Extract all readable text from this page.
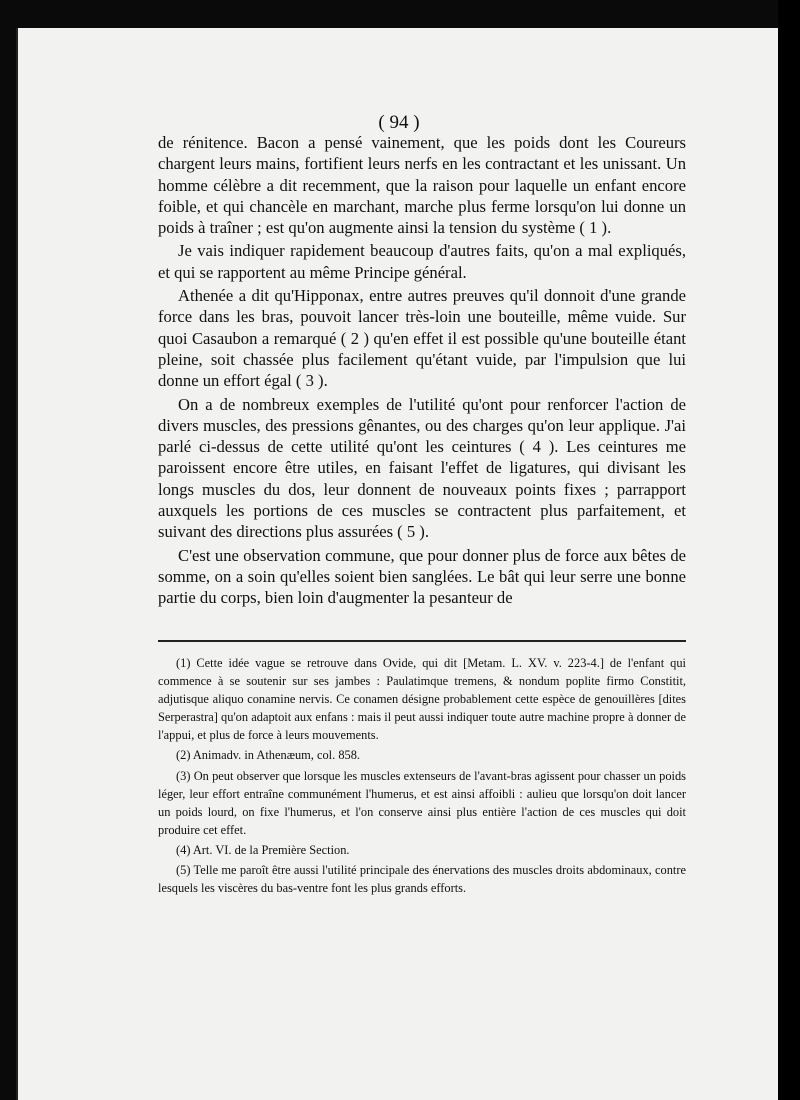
( 94 )

de rénitence. Bacon a pensé vainement, que les poids dont les Coureurs chargent leurs mains, fortifient leurs nerfs en les contractant et les unissant. Un homme célèbre a dit recemment, que la raison pour laquelle un enfant encore foible, et qui chancèle en marchant, marche plus ferme lorsqu'on lui donne un poids à traîner ; est qu'on augmente ainsi la tension du système ( 1 ).

Je vais indiquer rapidement beaucoup d'autres faits, qu'on a mal expliqués, et qui se rapportent au même Principe général.

Athenée a dit qu'Hipponax, entre autres preuves qu'il donnoit d'une grande force dans les bras, pouvoit lancer très-loin une bouteille, même vuide. Sur quoi Casaubon a remarqué ( 2 ) qu'en effet il est possible qu'une bouteille étant pleine, soit chassée plus facilement qu'étant vuide, par l'impulsion que lui donne un effort égal ( 3 ).

On a de nombreux exemples de l'utilité qu'ont pour renforcer l'action de divers muscles, des pressions gênantes, ou des charges qu'on leur applique. J'ai parlé ci-dessus de cette utilité qu'ont les ceintures ( 4 ). Les ceintures me paroissent encore être utiles, en faisant l'effet de ligatures, qui divisant les longs muscles du dos, leur donnent de nouveaux points fixes ; parrapport auxquels les portions de ces muscles se contractent plus parfaitement, et suivant des directions plus assurées ( 5 ).

C'est une observation commune, que pour donner plus de force aux bêtes de somme, on a soin qu'elles soient bien sanglées. Le bât qui leur serre une bonne partie du corps, bien loin d'augmenter la pesanteur de

(1) Cette idée vague se retrouve dans Ovide, qui dit [Metam. L. XV. v. 223-4.] de l'enfant qui commence à se soutenir sur ses jambes : Paulatimque tremens, & nondum poplite firmo Constitit, adjutisque aliquo conamine nervis. Ce conamen désigne probablement cette espèce de genouillères [dites Serperastra] qu'on adaptoit aux enfans : mais il peut aussi indiquer toute autre machine propre à donner de l'appui, et plus de force à leurs mouvements.

(2) Animadv. in Athenæum, col. 858.

(3) On peut observer que lorsque les muscles extenseurs de l'avant-bras agissent pour chasser un poids léger, leur effort entraîne communément l'humerus, et est ainsi affoibli : aulieu que lorsqu'on doit lancer un poids lourd, on fixe l'humerus, et l'on conserve ainsi plus entière l'action de ces muscles qui doit produire cet effet.

(4) Art. VI. de la Première Section.

(5) Telle me paroît être aussi l'utilité principale des énervations des muscles droits abdominaux, contre lesquels les viscères du bas-ventre font les plus grands efforts.
